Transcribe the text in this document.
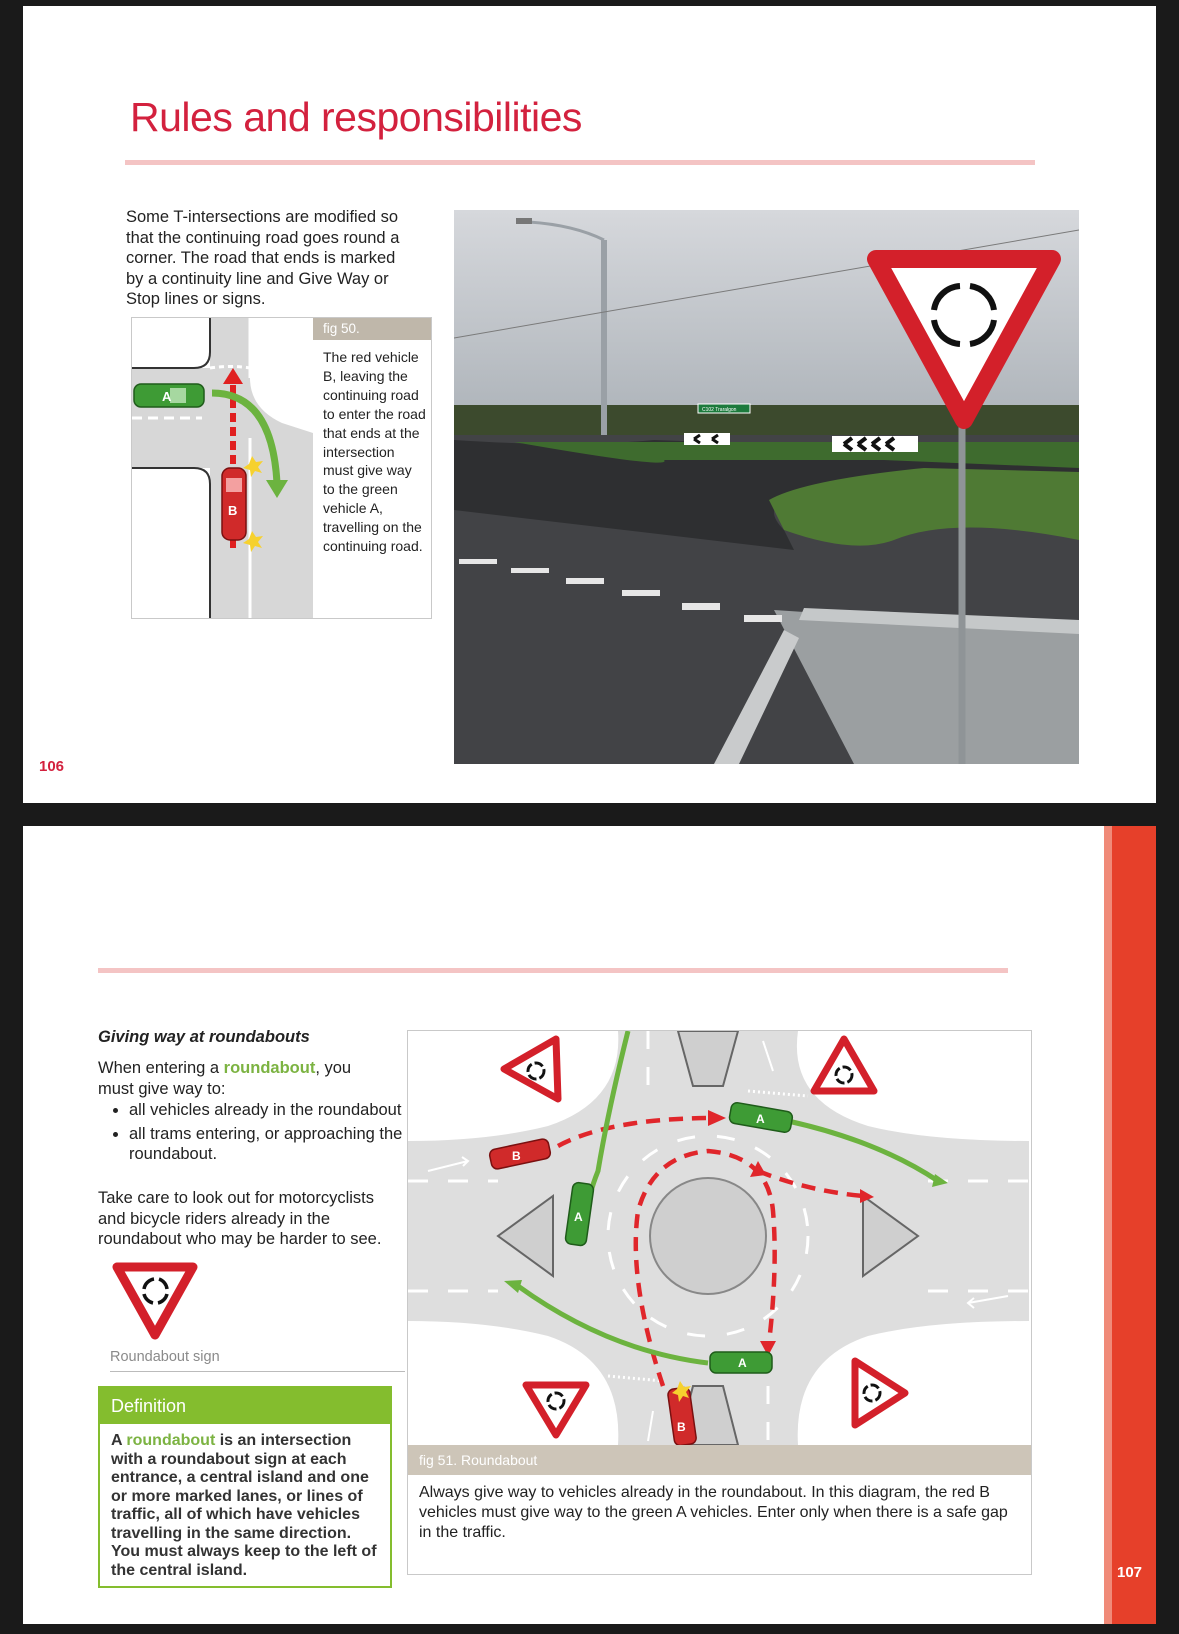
Rules and responsibilities
Some T-intersections are modified so that the continuing road goes round a corner. The road that ends is marked by a continuity line and Give Way or Stop lines or signs.
A
B
fig 50.
The red vehicle B, leaving the continuing road to enter the road that ends at the intersection must give way to the green vehicle A, travelling on the continuing road.
C102 Traralgon
106
Giving way at roundabouts
When entering a roundabout, you must give way to:
• all vehicles already in the roundabout
• all trams entering, or approaching the roundabout.
Take care to look out for motorcyclists and bicycle riders already in the roundabout who may be harder to see.
Roundabout sign
Definition
A roundabout is an intersection with a roundabout sign at each entrance, a central island and one or more marked lanes, or lines of traffic, all of which have vehicles travelling in the same direction. You must always keep to the left of the central island.
A
A
A
B
B
fig 51. Roundabout
Always give way to vehicles already in the roundabout. In this diagram, the red B vehicles must give way to the green A vehicles. Enter only when there is a safe gap in the traffic.
Rules and responsibilities
107
